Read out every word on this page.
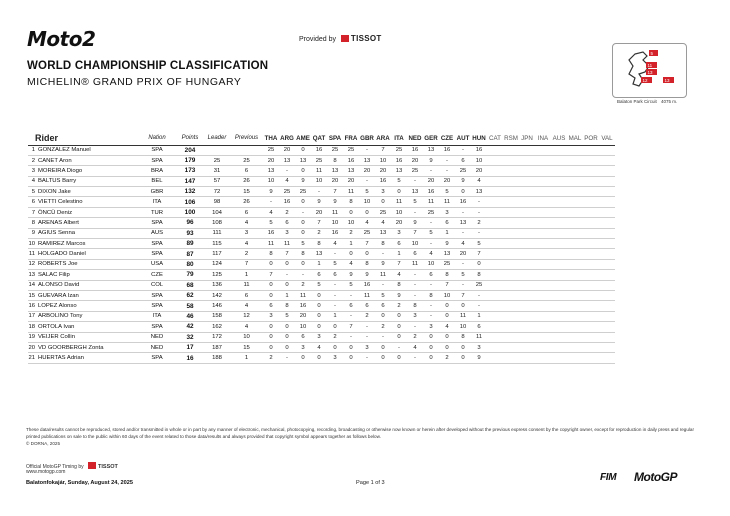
Moto2	Provided by TISSOT
WORLD CHAMPIONSHIP CLASSIFICATION
MICHELIN® GRAND PRIX OF HUNGARY
5
11
13
12	13
Balaton Park Circuit 4075 m.
Rider	Nation	Points	Leader	Previous	THA	ARG	AME	QAT	SPA	FRA	GBR	ARA	ITA	NED	GER	CZE	AUT	HUN	CAT	RSM	JPN	INA	AUS	MAL	POR	VAL
1 GONZALEZ Manuel	SPA	204			25	20	0	16	25	25	-	7	25	16	13	16	-	16								
2 CANET Aron	SPA	179	25	25	20	13	13	25	8	16	13	10	16	20	9	-	6	10								
3 MOREIRA Diogo	BRA	173	31	6	13	-	0	11	13	13	20	20	13	25	-	-	25	20								
4 BALTUS Barry	BEL	147	57	26	10	4	9	10	20	20	-	16	5	-	20	20	9	4								
5 DIXON Jake	GBR	132	72	15	9	25	25	-	7	11	5	3	0	13	16	5	0	13								
6 VIETTI Celestino	ITA	106	98	26	-	16	0	9	9	8	10	0	11	5	11	11	16	-								
7 ÖNCÜ Deniz	TUR	100	104	6	4	2	-	20	11	0	0	25	10	-	25	3	-	-								
8 ARENAS Albert	SPA	96	108	4	5	6	0	7	10	10	4	4	20	9	-	6	13	2								
9 AGIUS Senna	AUS	93	111	3	16	3	0	2	16	2	25	13	3	7	5	1	-	-								
10 RAMIREZ Marcos	SPA	89	115	4	11	11	5	8	4	1	7	8	6	10	-	9	4	5								
11 HOLGADO Daniel	SPA	87	117	2	8	7	8	13	-	0	0	-	1	6	4	13	20	7								
12 ROBERTS Joe	USA	80	124	7	0	0	0	1	5	4	8	9	7	11	10	25	-	0								
13 SALAC Filip	CZE	79	125	1	7	-	-	6	6	9	9	11	4	-	6	8	5	8								
14 ALONSO David	COL	68	136	11	0	0	2	5	-	5	16	-	8	-	-	7	-	25								
15 GUEVARA Izan	SPA	62	142	6	0	1	11	0	-	-	11	5	9	-	8	10	7	-								
16 LOPEZ Alonso	SPA	58	146	4	6	8	16	0	-	6	6	6	2	8	-	0	0	-								
17 ARBOLINO Tony	ITA	46	158	12	3	5	20	0	1	-	2	0	0	3	-	0	11	1								
18 ORTOLA Ivan	SPA	42	162	4	0	0	10	0	0	7	-	2	0	-	3	4	10	6								
19 VEIJER Collin	NED	32	172	10	0	0	6	3	2	-	-	-	0	2	0	0	8	11								
20 VD GOORBERGH Zonta	NED	17	187	15	0	0	3	4	0	0	3	0	-	4	0	0	0	3								
21 HUERTAS Adrian	SPA	16	188	1	2	-	0	0	3	0	-	0	0	-	0	2	0	9								
These data/results cannot be reproduced, stored and/or transmitted in whole or in part by any manner of electronic, mechanical, photocopying, recording, broadcasting or otherwise now known or herein after developed without the previous express consent by the copyright owner, except for reproduction in daily press and regular printed publications on sale to the public within 60 days of the event related to those data/results and always provided that copyright symbol appears together as follows below.
© DORNA, 2025
Official MotoGP Timing by	TISSOT
www.motogp.com
Balatonfokajár, Sunday, August 24, 2025	Page 1 of 3	FIM MotoGP
